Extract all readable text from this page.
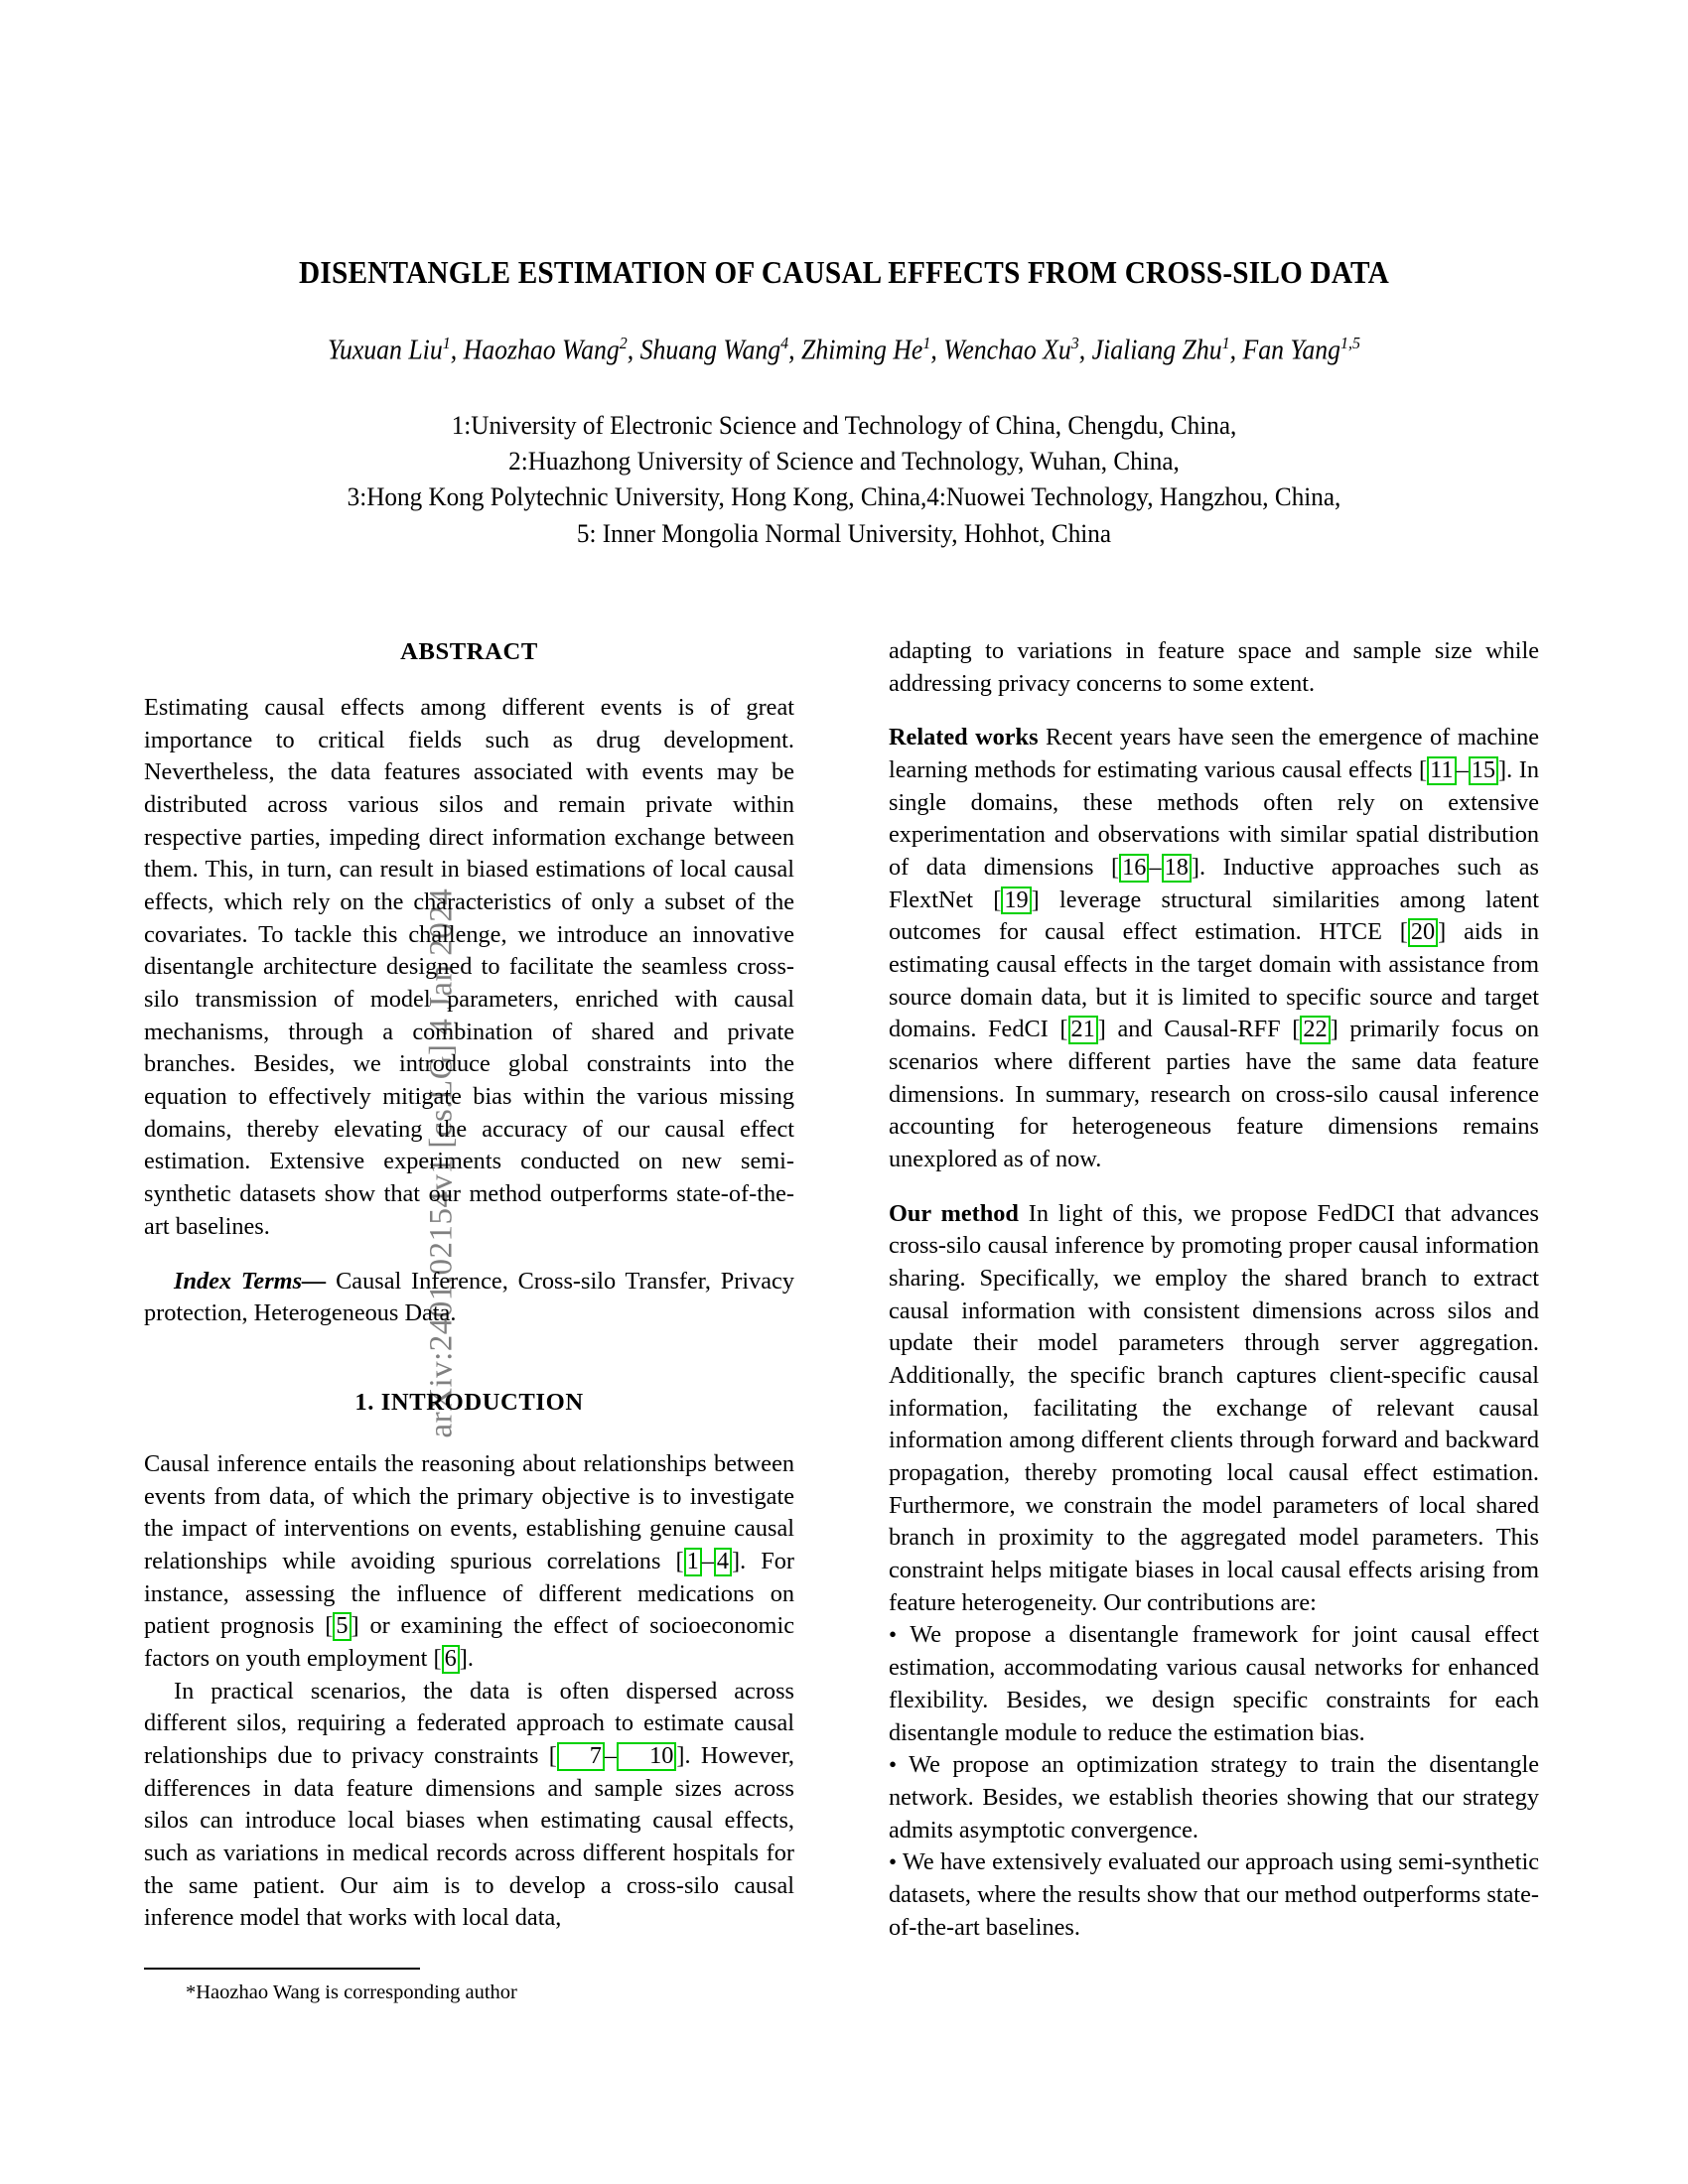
arXiv:2401.02154v1 [cs.LG] 4 Jan 2024
DISENTANGLE ESTIMATION OF CAUSAL EFFECTS FROM CROSS-SILO DATA
Yuxuan Liu$^1$, Haozhao Wang$^2$, Shuang Wang$^4$, Zhiming He$^1$, Wenchao Xu$^3$, Jialiang Zhu$^1$, Fan Yang$^{1,5}$
1:University of Electronic Science and Technology of China, Chengdu, China,
2:Huazhong University of Science and Technology, Wuhan, China,
3:Hong Kong Polytechnic University, Hong Kong, China,4:Nuowei Technology, Hangzhou, China,
5: Inner Mongolia Normal University, Hohhot, China
ABSTRACT

Estimating causal effects among different events is of great importance to critical fields such as drug development. Nevertheless, the data features associated with events may be distributed across various silos and remain private within respective parties, impeding direct information exchange between them. This, in turn, can result in biased estimations of local causal effects, which rely on the characteristics of only a subset of the covariates. To tackle this challenge, we introduce an innovative disentangle architecture designed to facilitate the seamless cross-silo transmission of model parameters, enriched with causal mechanisms, through a combination of shared and private branches. Besides, we introduce global constraints into the equation to effectively mitigate bias within the various missing domains, thereby elevating the accuracy of our causal effect estimation. Extensive experiments conducted on new semi-synthetic datasets show that our method outperforms state-of-the-art baselines.

Index Terms— Causal Inference, Cross-silo Transfer, Privacy protection, Heterogeneous Data.

1. INTRODUCTION

Causal inference entails the reasoning about relationships between events from data, of which the primary objective is to investigate the impact of interventions on events, establishing genuine causal relationships while avoiding spurious correlations [ 1 – 4 ]. For instance, assessing the influence of different medications on patient prognosis [ 5 ] or examining the effect of socioeconomic factors on youth employment [ 6 ].

In practical scenarios, the data is often dispersed across different silos, requiring a federated approach to estimate causal relationships due to privacy constraints [ 7 – 10 ]. However, differences in data feature dimensions and sample sizes across silos can introduce local biases when estimating causal effects, such as variations in medical records across different hospitals for the same patient. Our aim is to develop a cross-silo causal inference model that works with local data,

adapting to variations in feature space and sample size while addressing privacy concerns to some extent.

Related works Recent years have seen the emergence of machine learning methods for estimating various causal effects [ 11 – 15 ]. In single domains, these methods often rely on extensive experimentation and observations with similar spatial distribution of data dimensions [ 16 – 18 ]. Inductive approaches such as FlextNet [ 19 ] leverage structural similarities among latent outcomes for causal effect estimation. HTCE [ 20 ] aids in estimating causal effects in the target domain with assistance from source domain data, but it is limited to specific source and target domains. FedCI [ 21 ] and Causal-RFF [ 22 ] primarily focus on scenarios where different parties have the same data feature dimensions. In summary, research on cross-silo causal inference accounting for heterogeneous feature dimensions remains unexplored as of now.

Our method In light of this, we propose FedDCI that advances cross-silo causal inference by promoting proper causal information sharing. Specifically, we employ the shared branch to extract causal information with consistent dimensions across silos and update their model parameters through server aggregation. Additionally, the specific branch captures client-specific causal information, facilitating the exchange of relevant causal information among different clients through forward and backward propagation, thereby promoting local causal effect estimation. Furthermore, we constrain the model parameters of local shared branch in proximity to the aggregated model parameters. This constraint helps mitigate biases in local causal effects arising from feature heterogeneity. Our contributions are:

• We propose a disentangle framework for joint causal effect estimation, accommodating various causal networks for enhanced flexibility. Besides, we design specific constraints for each disentangle module to reduce the estimation bias.

• We propose an optimization strategy to train the disentangle network. Besides, we establish theories showing that our strategy admits asymptotic convergence.

• We have extensively evaluated our approach using semi-synthetic datasets, where the results show that our method outperforms state-of-the-art baselines.

*Haozhao Wang is corresponding author
